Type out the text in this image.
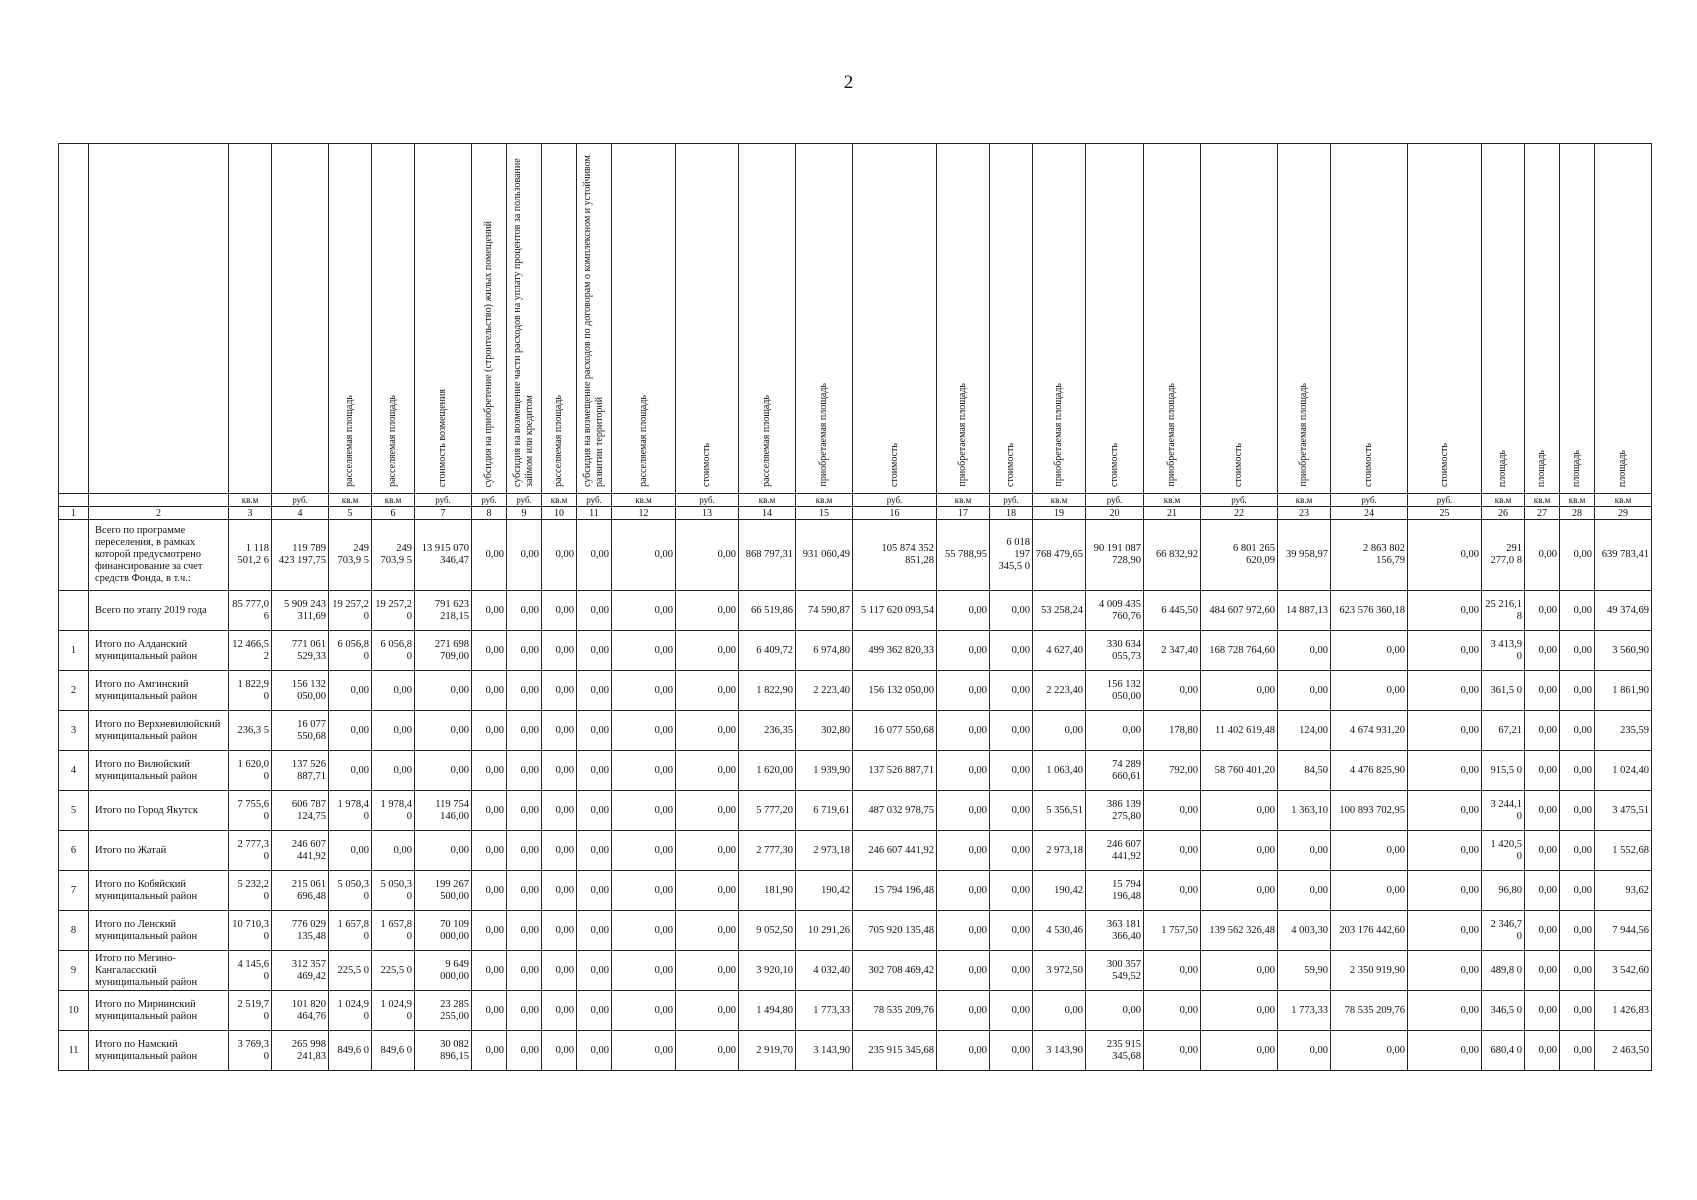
2

				расселяемая площадь	расселяемая площадь	стоимость возмещения	субсидия на приобретение (строительство) жилых помещений	субсидия на возмещение части расходов на уплату процентов за пользование займом или кредитом	расселяемая площадь	субсидия на возмещение расходов по договорам о комплексном и устойчивом развитии территорий	расселяемая площадь	стоимость	расселяемая площадь	приобретаемая площадь	стоимость	приобретаемая площадь	стоимость	приобретаемая площадь	стоимость	приобретаемая площадь	стоимость	приобретаемая площадь	стоимость	стоимость	площадь	площадь	площадь	площадь

		кв.м	руб.	кв.м	кв.м	руб.	руб.	руб.	кв.м	руб.	кв.м	руб.	кв.м	кв.м	руб.	кв.м	руб.	кв.м	руб.	кв.м	руб.	кв.м	руб.	руб.	кв.м	кв.м	кв.м	кв.м
1	2	3	4	5	6	7	8	9	10	11	12	13	14	15	16	17	18	19	20	21	22	23	24	25	26	27	28	29
	Всего по программе переселения, в рамках которой предусмотрено финансирование за счет средств Фонда, в т.ч.:	1 118 501,2 6	119 789 423 197,75	249 703,9 5	249 703,9 5	13 915 070 346,47	0,00	0,00	0,00	0,00	0,00	0,00	868 797,31	931 060,49	105 874 352 851,28	55 788,95	6 018 197 345,5 0	768 479,65	90 191 087 728,90	66 832,92	6 801 265 620,09	39 958,97	2 863 802 156,79	0,00	291 277,0 8	0,00	0,00	639 783,41
	Всего по этапу 2019 года	85 777,0 6	5 909 243 311,69	19 257,2 0	19 257,2 0	791 623 218,15	0,00	0,00	0,00	0,00	0,00	0,00	66 519,86	74 590,87	5 117 620 093,54	0,00	0,00	53 258,24	4 009 435 760,76	6 445,50	484 607 972,60	14 887,13	623 576 360,18	0,00	25 216,1 8	0,00	0,00	49 374,69
1	Итого по Алданский муниципальный район	12 466,5 2	771 061 529,33	6 056,8 0	6 056,8 0	271 698 709,00	0,00	0,00	0,00	0,00	0,00	0,00	6 409,72	6 974,80	499 362 820,33	0,00	0,00	4 627,40	330 634 055,73	2 347,40	168 728 764,60	0,00	0,00	0,00	3 413,9 0	0,00	0,00	3 560,90
2	Итого по Амгинский муниципальный район	1 822,9 0	156 132 050,00	0,00	0,00	0,00	0,00	0,00	0,00	0,00	0,00	0,00	1 822,90	2 223,40	156 132 050,00	0,00	0,00	2 223,40	156 132 050,00	0,00	0,00	0,00	0,00	0,00	361,5 0	0,00	0,00	1 861,90
3	Итого по Верхневилюйский муниципальный район	236,3 5	16 077 550,68	0,00	0,00	0,00	0,00	0,00	0,00	0,00	0,00	0,00	236,35	302,80	16 077 550,68	0,00	0,00	0,00	0,00	178,80	11 402 619,48	124,00	4 674 931,20	0,00	67,21	0,00	0,00	235,59
4	Итого по Вилюйский муниципальный район	1 620,0 0	137 526 887,71	0,00	0,00	0,00	0,00	0,00	0,00	0,00	0,00	0,00	1 620,00	1 939,90	137 526 887,71	0,00	0,00	1 063,40	74 289 660,61	792,00	58 760 401,20	84,50	4 476 825,90	0,00	915,5 0	0,00	0,00	1 024,40
5	Итого по Город Якутск	7 755,6 0	606 787 124,75	1 978,4 0	1 978,4 0	119 754 146,00	0,00	0,00	0,00	0,00	0,00	0,00	5 777,20	6 719,61	487 032 978,75	0,00	0,00	5 356,51	386 139 275,80	0,00	0,00	1 363,10	100 893 702,95	0,00	3 244,1 0	0,00	0,00	3 475,51
6	Итого по Жатай	2 777,3 0	246 607 441,92	0,00	0,00	0,00	0,00	0,00	0,00	0,00	0,00	0,00	2 777,30	2 973,18	246 607 441,92	0,00	0,00	2 973,18	246 607 441,92	0,00	0,00	0,00	0,00	0,00	1 420,5 0	0,00	0,00	1 552,68
7	Итого по Кобяйский муниципальный район	5 232,2 0	215 061 696,48	5 050,3 0	5 050,3 0	199 267 500,00	0,00	0,00	0,00	0,00	0,00	0,00	181,90	190,42	15 794 196,48	0,00	0,00	190,42	15 794 196,48	0,00	0,00	0,00	0,00	0,00	96,80	0,00	0,00	93,62
8	Итого по Ленский муниципальный район	10 710,3 0	776 029 135,48	1 657,8 0	1 657,8 0	70 109 000,00	0,00	0,00	0,00	0,00	0,00	0,00	9 052,50	10 291,26	705 920 135,48	0,00	0,00	4 530,46	363 181 366,40	1 757,50	139 562 326,48	4 003,30	203 176 442,60	0,00	2 346,7 0	0,00	0,00	7 944,56
9	Итого по Мегино-Кангаласский муниципальный район	4 145,6 0	312 357 469,42	225,5 0	225,5 0	9 649 000,00	0,00	0,00	0,00	0,00	0,00	0,00	3 920,10	4 032,40	302 708 469,42	0,00	0,00	3 972,50	300 357 549,52	0,00	0,00	59,90	2 350 919,90	0,00	489,8 0	0,00	0,00	3 542,60
10	Итого по Мирнинский муниципальный район	2 519,7 0	101 820 464,76	1 024,9 0	1 024,9 0	23 285 255,00	0,00	0,00	0,00	0,00	0,00	0,00	1 494,80	1 773,33	78 535 209,76	0,00	0,00	0,00	0,00	0,00	0,00	1 773,33	78 535 209,76	0,00	346,5 0	0,00	0,00	1 426,83
11	Итого по Намский муниципальный район	3 769,3 0	265 998 241,83	849,6 0	849,6 0	30 082 896,15	0,00	0,00	0,00	0,00	0,00	0,00	2 919,70	3 143,90	235 915 345,68	0,00	0,00	3 143,90	235 915 345,68	0,00	0,00	0,00	0,00	0,00	680,4 0	0,00	0,00	2 463,50
